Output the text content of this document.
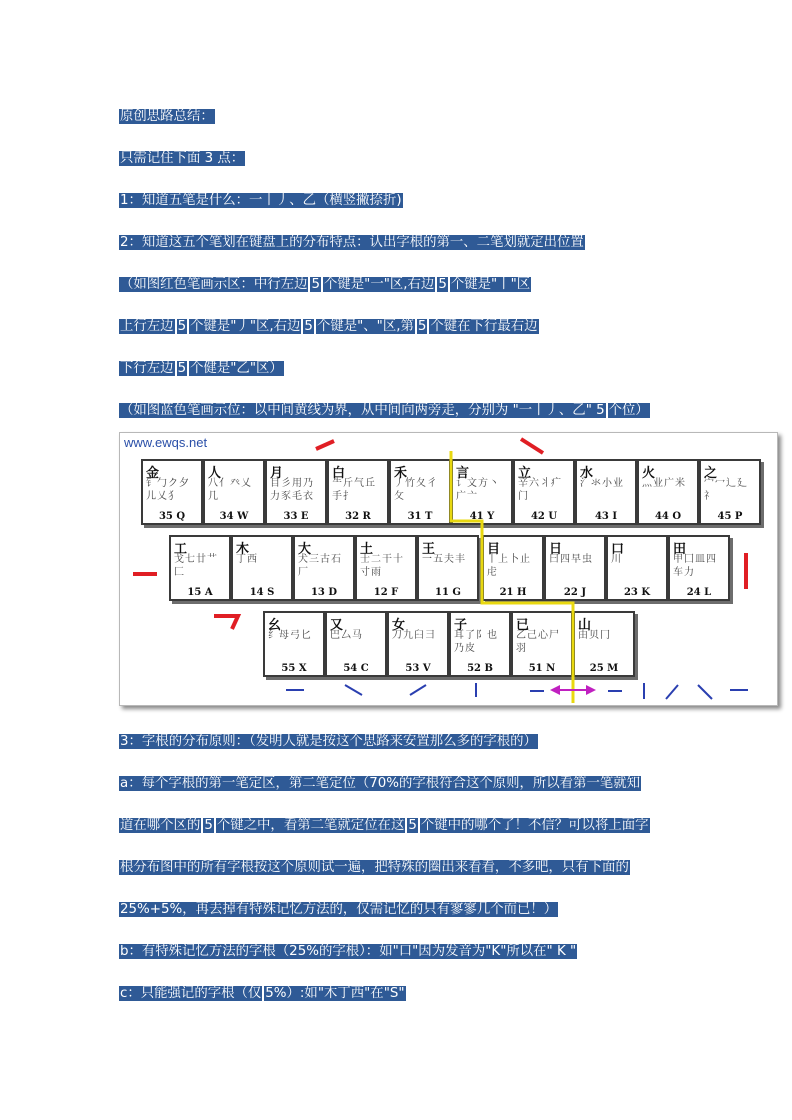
原创思路总结：
只需记住下面 3 点：
1：知道五笔是什么：一丨丿、乙（横竖撇捺折)
2：知道这五个笔划在键盘上的分布特点：认出字根的第一、二笔划就定出位置
（如图红色笔画示区：中行左边 5 个键是"一"区,右边 5 个键是"丨"区
上行左边 5 个键是"丿"区,右边 5 个键是"、"区,第 5 个键在下行最右边
下行左边 5 个健是"乙"区）
（如图蓝色笔画示位：以中间黄线为界，从中间向两旁走，分别为 "一丨丿、乙" 5 个位）
3：字根的分布原则：（发明人就是按这个思路来安置那么多的字根的）
a：每个字根的第一笔定区，第二笔定位（70%的字根符合这个原则，所以看第一笔就知
道在哪个区的 5 个键之中，看第二笔就定位在这 5 个键中的哪个了！不信？可以将上面字
根分布图中的所有字根按这个原则试一遍，把特殊的圈出来看看，不多吧，只有下面的
25%+5%，再去掉有特殊记忆方法的，仅需记忆的只有寥寥几个而已！）
b：有特殊记忆方法的字根（25%的字根）：如"口"因为发音为"K"所以在" K "
c：只能强记的字根（仅 5%）:如"木丁西"在"S"
www.ewqs.net
金
钅勹ク夕儿乂犭
35 Q
人
八亻癶乂几
34 W
月
目彡用乃力豕毛衣
33 E
白
⺧斤气丘手扌
32 R
禾
丿竹夂彳攵
31 T
言
讠文方丶广亠
41 Y
立
辛六丬疒门
42 U
水
氵氺小业
43 I
火
灬业广米
44 O
之
宀冖辶廴礻
45 P
工
戈七廿艹匚
15 A
木
丁西
14 S
大
犬三古石厂
13 D
土
士二干十寸雨
12 F
王
一五夫丰
11 G
目
丨上卜止虍
21 H
日
曰四早虫
22 J
口
川
23 K
田
甲囗皿四车力
24 L
幺
纟母弓匕
55 X
又
巴厶马
54 C
女
刀九臼彐
53 V
子
耳了阝也乃皮
52 B
已
乙己心尸羽
51 N
山
由贝冂
25 M
